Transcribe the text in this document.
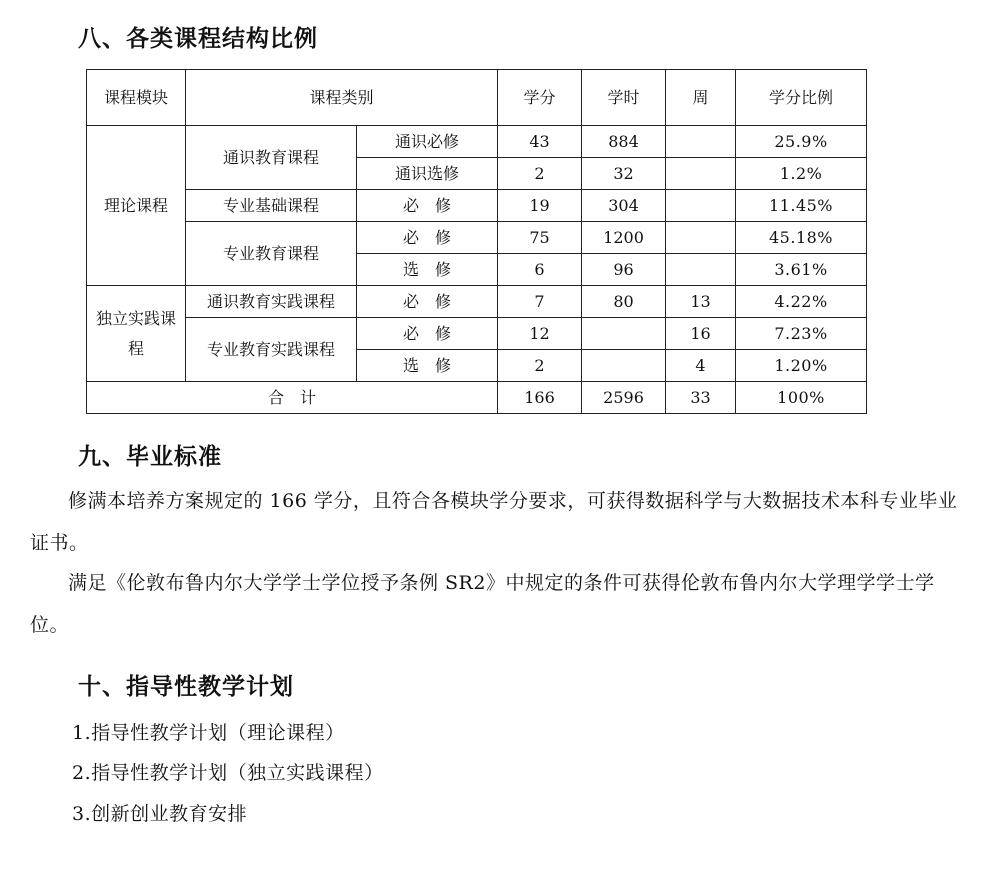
八、各类课程结构比例
课程模块	课程类别		学分	学时	周	学分比例
理论课程	通识教育课程	通识必修	43	884		25.9%
		通识选修	2	32		1.2%
	专业基础课程	必　修	19	304		11.45%
	专业教育课程	必　修	75	1200		45.18%
		选　修	6	96		3.61%
独立实践课程	通识教育实践课程	必　修	7	80	13	4.22%
	专业教育实践课程	必　修	12		16	7.23%
		选　修	2		4	1.20%
合　计			166	2596	33	100%
九、毕业标准

修满本培养方案规定的 166 学分，且符合各模块学分要求，可获得数据科学与大数据技术本科专业毕业证书。

满足《伦敦布鲁内尔大学学士学位授予条例 SR2》中规定的条件可获得伦敦布鲁内尔大学理学学士学位。

十、指导性教学计划

1.指导性教学计划（理论课程）

2.指导性教学计划（独立实践课程）

3.创新创业教育安排
